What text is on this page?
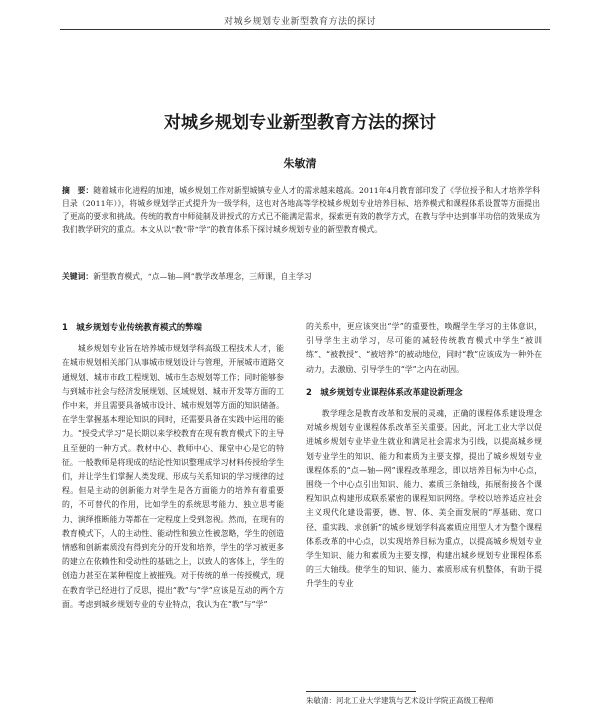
对城乡规划专业新型教育方法的探讨
对城乡规划专业新型教育方法的探讨
朱敏清
摘　要：随着城市化进程的加速，城乡规划工作对新型城镇专业人才的需求越来越高。2011年4月教育部印发了《学位授予和人才培养学科目录（2011年）》，将城乡规划学正式提升为一级学科，这也对各地高等学校城乡规划专业培养目标、培养模式和课程体系设置等方面提出了更高的要求和挑战。传统的教育中师徒制及讲授式的方式已不能满足需求，探索更有效的教学方式，在教与学中达到事半功倍的效果成为我们教学研究的重点。本文从以“教”带“学”的教育体系下探讨城乡规划专业的新型教育模式。
关键词：新型教育模式，“点—轴—网”教学改革理念，三师课，自主学习
1　城乡规划专业传统教育模式的弊端

城乡规划专业旨在培养城市规划学科高级工程技术人才，能在城市规划相关部门从事城市规划设计与管理，开展城市道路交通规划、城市市政工程规划、城市生态规划等工作；同时能够参与到城市社会与经济发展规划、区域规划、城市开发等方面的工作中来，并且需要具备城市设计、城市规划等方面的知识储备。在学生掌握基本理论知识的同时，还需要具备在实践中运用的能力。“授受式学习”是长期以来学校教育在现有教育模式下的主导且至便的一种方式。教材中心、教师中心、课堂中心是它的特征。一般教师是将现成的结论性知识整理成学习材料传授给学生们，并让学生们掌握人类发现、形成与关系知识的学习规律的过程。但是主动的创新能力对学生是各方面能力的培养有着重要的，不可替代的作用，比如学生的系统思考能力、独立思考能力、演绎推断能力等都在一定程度上受到忽视。然而，在现有的教育模式下，人的主动性、能动性和独立性被忽略，学生的创造情感和创新素质没有得到充分的开发和培养，学生的学习被更多的建立在依赖性和受动性的基础之上，以致人的客体上，学生的创造力甚至在某种程度上被摧残。对于传统的单一传授模式，现在教育学已经进行了反思，提出“教”与“学”应该是互动的两个方面。考虑到城乡规划专业的专业特点，我认为在“教”与“学”

的关系中，更应该突出“学”的重要性，唤醒学生学习的主体意识，引导学生主动学习，尽可能的减轻传统教育模式中学生“被训练”、“被教授”、“被培养”的被动地位，同时“教”应该成为一种外在动力，去激励、引导学生的“学”之内在动因。

2　城乡规划专业课程体系改革建设新理念

教学理念是教育改革和发展的灵魂，正确的课程体系建设理念对城乡规划专业课程体系改革至关重要。因此，河北工业大学以促进城乡规划专业毕业生就业和满足社会需求为引线，以提高城乡规划专业学生的知识、能力和素质为主要支撑，提出了城乡规划专业课程体系的“点—轴—网”课程改革理念，即以培养目标为中心点，围绕一个中心点引出知识、能力、素质三条轴线，拓展衔接各个课程知识点构建形成联系紧密的课程知识网络。学校以培养适应社会主义现代化建设需要，德、智、体、美全面发展的“厚基础、宽口径、重实践、求创新”的城乡规划学科高素质应用型人才为整个课程体系改革的中心点，以实现培养目标为重点，以提高城乡规划专业学生知识、能力和素质为主要支撑，构建出城乡规划专业课程体系的三大轴线。使学生的知识、能力、素质形成有机整体，有助于提升学生的专业

朱敏清：河北工业大学建筑与艺术设计学院正高级工程师
